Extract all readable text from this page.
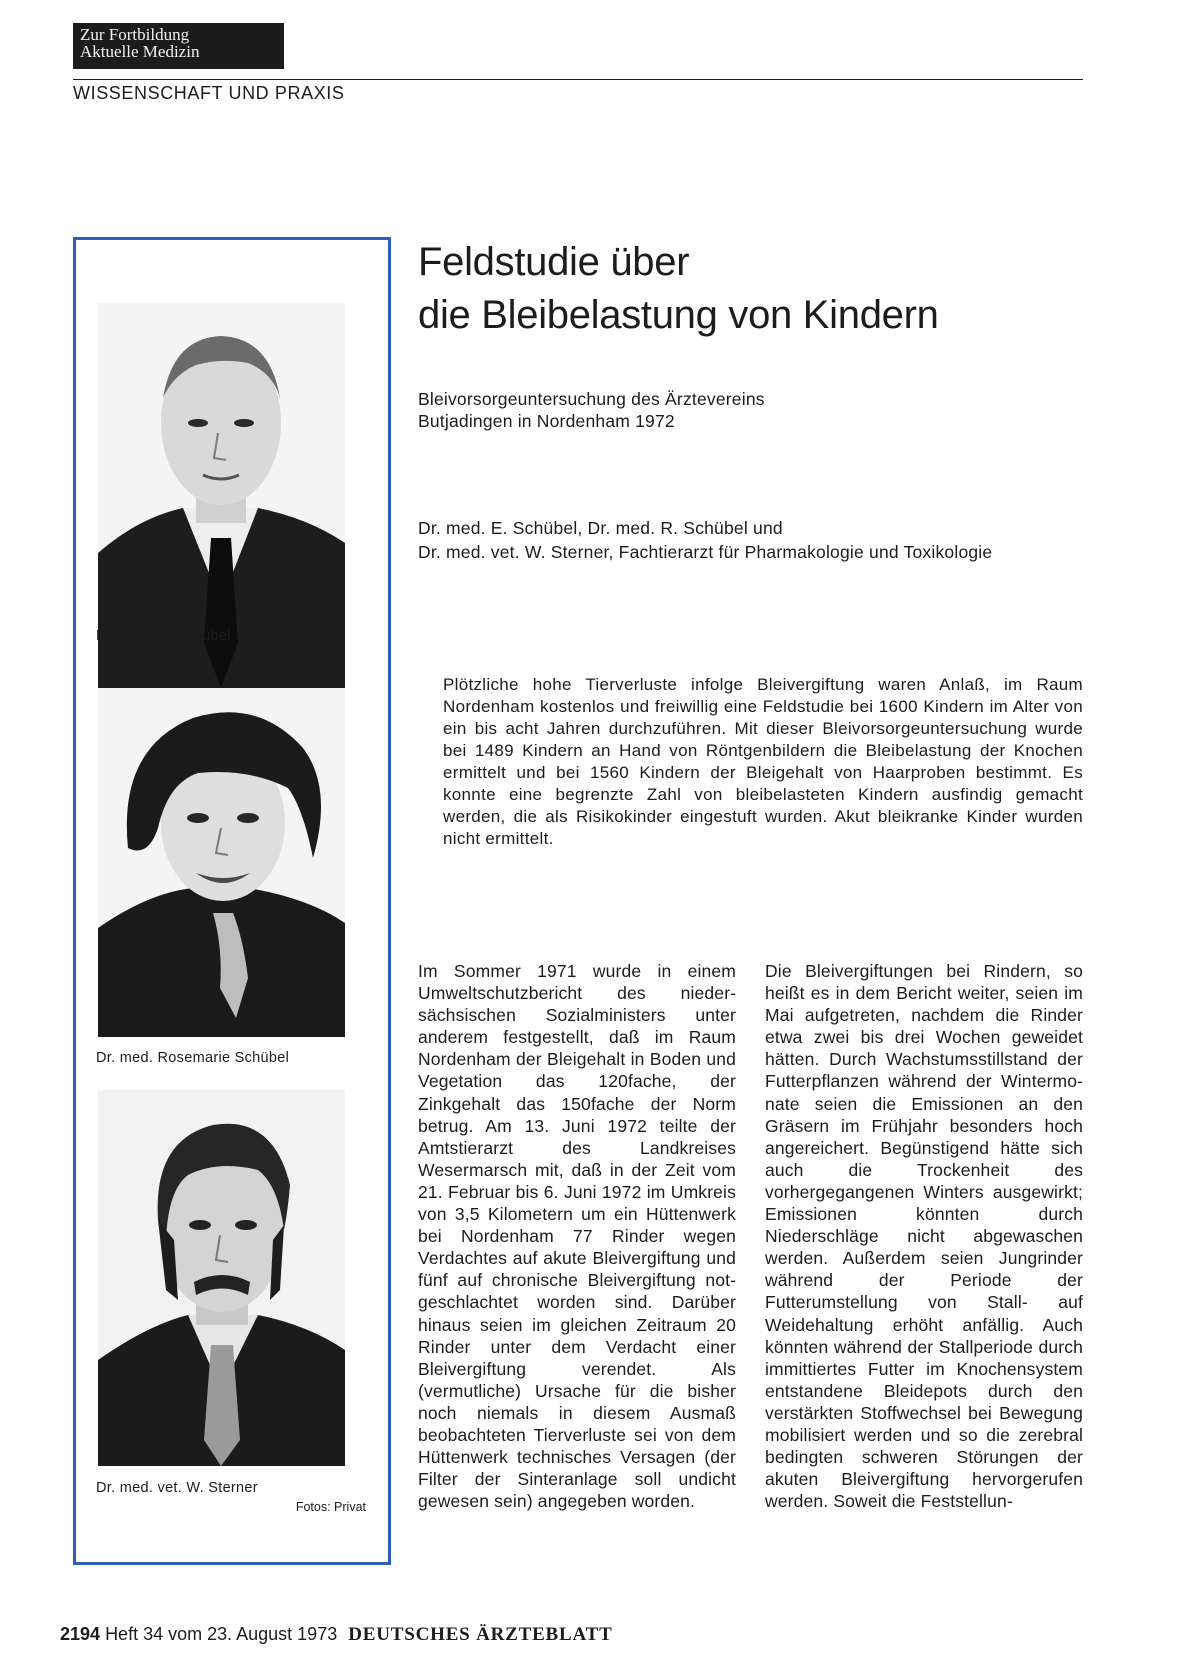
Zur Fortbildung
Aktuelle Medizin
WISSENSCHAFT UND PRAXIS
Dr. med. E. Schübel
Dr. med. Rosemarie Schübel
Dr. med. vet. W. Sterner
Fotos: Privat
Feldstudie über
die Bleibelastung von Kindern
Bleivorsorgeuntersuchung des Ärztevereins
Butjadingen in Nordenham 1972
Dr. med. E. Schübel, Dr. med. R. Schübel und
Dr. med. vet. W. Sterner, Fachtierarzt für Pharmakologie und Toxikologie

Plötzliche hohe Tierverluste infolge Bleivergiftung waren Anlaß, im Raum Nordenham kostenlos und freiwillig eine Feldstudie bei 1600 Kindern im Alter von ein bis acht Jahren durchzuführen. Mit dieser Bleivorsorgeuntersuchung wurde bei 1489 Kindern an Hand von Röntgenbildern die Bleibelastung der Knochen ermittelt und bei 1560 Kindern der Bleigehalt von Haarproben bestimmt. Es konnte eine begrenzte Zahl von bleibelasteten Kindern ausfindig gemacht werden, die als Risikokinder eingestuft wurden. Akut bleikranke Kinder wurden nicht ermittelt.

Im Sommer 1971 wurde in einem Umweltschutzbericht des niedersächsischen Sozialministers unter anderem festgestellt, daß im Raum Nordenham der Bleigehalt in Boden und Vegetation das 120fache, der Zinkgehalt das 150fache der Norm betrug. Am 13. Juni 1972 teilte der Amtstierarzt des Landkreises Wesermarsch mit, daß in der Zeit vom 21. Februar bis 6. Juni 1972 im Umkreis von 3,5 Kilometern um ein Hüttenwerk bei Nordenham 77 Rinder wegen Verdachtes auf akute Bleivergiftung und fünf auf chronische Bleivergiftung notgeschlachtet worden sind. Darüber hinaus seien im gleichen Zeitraum 20 Rinder unter dem Verdacht einer Bleivergiftung verendet. Als (vermutliche) Ursache für die bisher noch niemals in diesem Ausmaß beobachteten Tierverluste sei von dem Hüttenwerk technisches Versagen (der Filter der Sinteranlage soll undicht gewesen sein) angegeben worden.

Die Bleivergiftungen bei Rindern, so heißt es in dem Bericht weiter, seien im Mai aufgetreten, nachdem die Rinder etwa zwei bis drei Wochen geweidet hätten. Durch Wachstumsstillstand der Futterpflanzen während der Wintermonate seien die Emissionen an den Gräsern im Frühjahr besonders hoch angereichert. Begünstigend hätte sich auch die Trockenheit des vorhergegangenen Winters ausgewirkt; Emissionen könnten durch Niederschläge nicht abgewaschen werden. Außerdem seien Jungrinder während der Periode der Futterumstellung von Stall- auf Weidehaltung erhöht anfällig. Auch könnten während der Stallperiode durch immittiertes Futter im Knochensystem entstandene Bleidepots durch den verstärkten Stoffwechsel bei Bewegung mobilisiert werden und so die zerebral bedingten schweren Störungen der akuten Bleivergiftung hervorgerufen werden. Soweit die Feststellun-

2194 Heft 34 vom 23. August 1973 DEUTSCHES ÄRZTEBLATT
